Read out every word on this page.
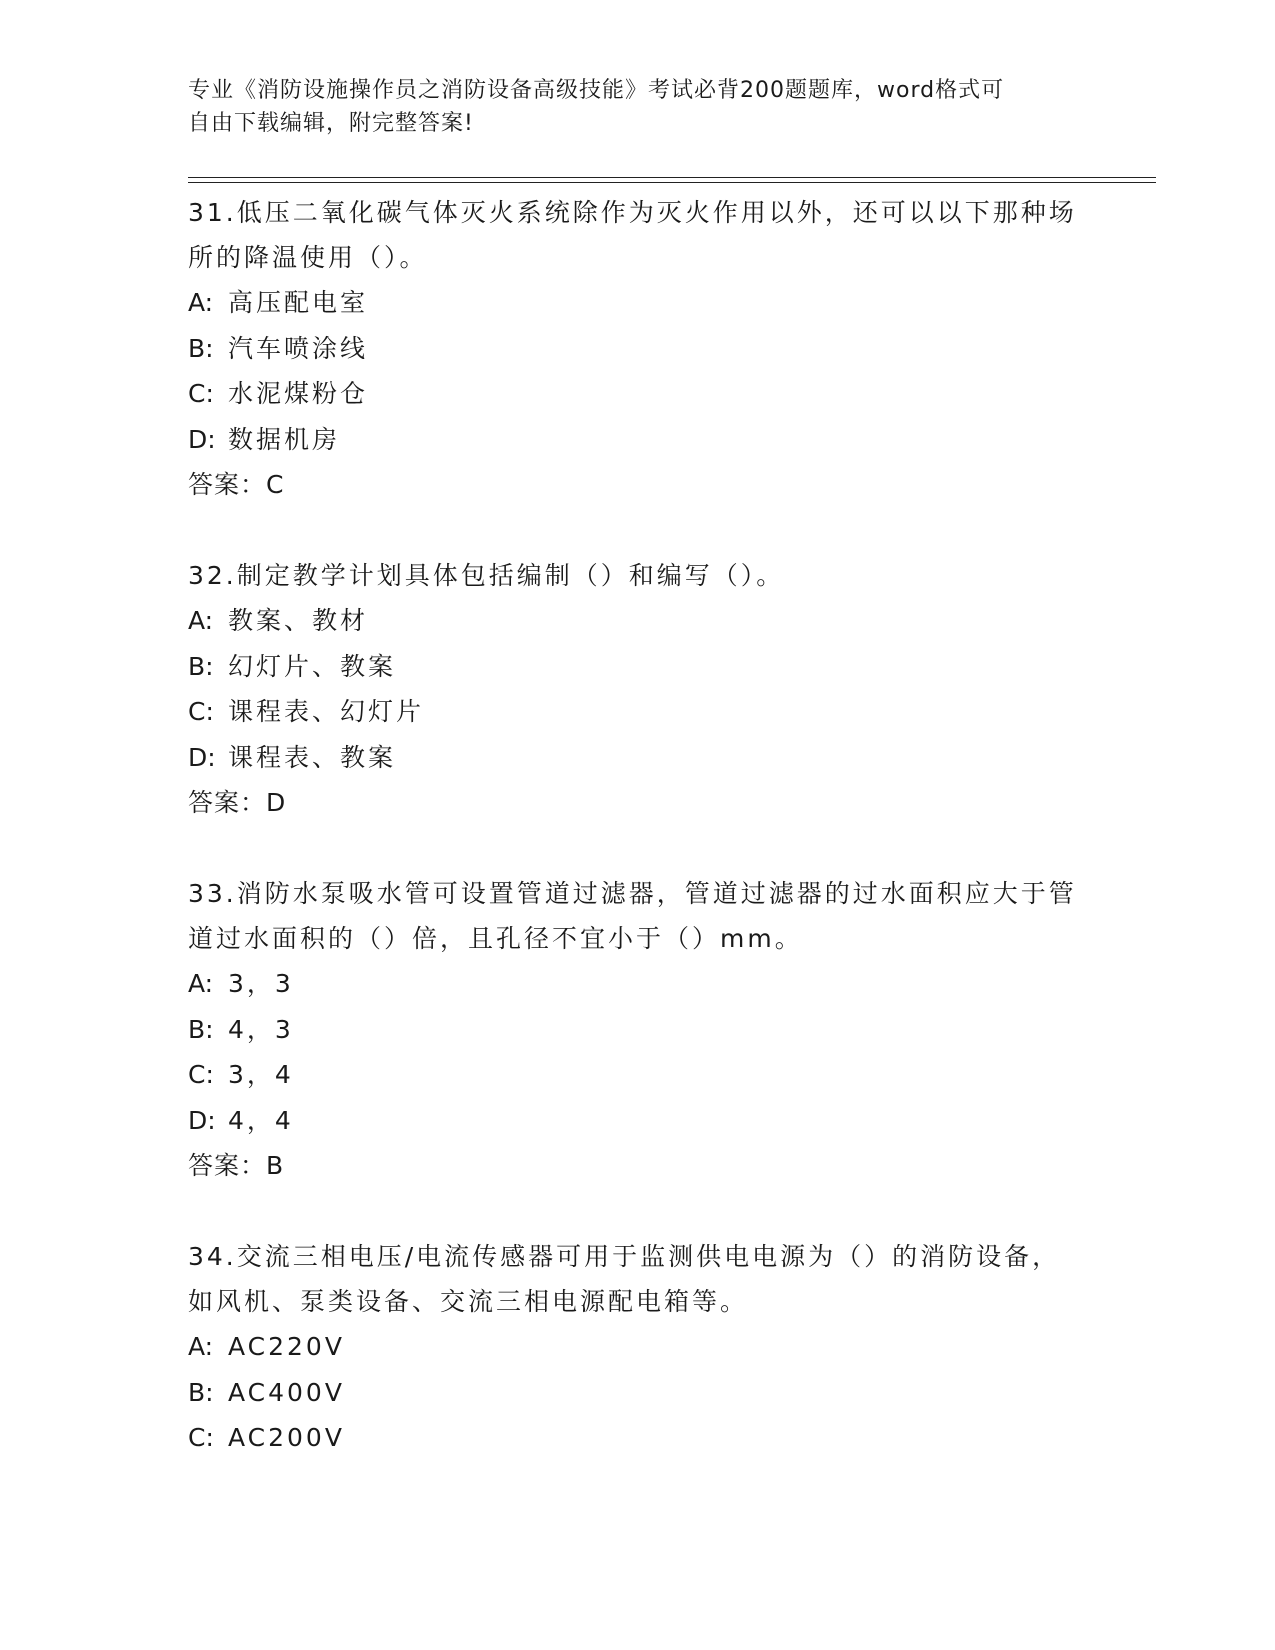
专业《消防设施操作员之消防设备高级技能》考试必背200题题库，word格式可
自由下载编辑，附完整答案!

31.低压二氧化碳气体灭火系统除作为灭火作用以外，还可以以下那种场所的降温使用（）。

A: 高压配电室

B: 汽车喷涂线

C: 水泥煤粉仓

D: 数据机房

答案：C

32.制定教学计划具体包括编制（）和编写（）。

A: 教案、教材

B: 幻灯片、教案

C: 课程表、幻灯片

D: 课程表、教案

答案：D

33.消防水泵吸水管可设置管道过滤器，管道过滤器的过水面积应大于管道过水面积的（）倍，且孔径不宜小于（）mm。

A: 3，3

B: 4，3

C: 3，4

D: 4，4

答案：B

34.交流三相电压/电流传感器可用于监测供电电源为（）的消防设备，如风机、泵类设备、交流三相电源配电箱等。

A: AC220V

B: AC400V

C: AC200V
